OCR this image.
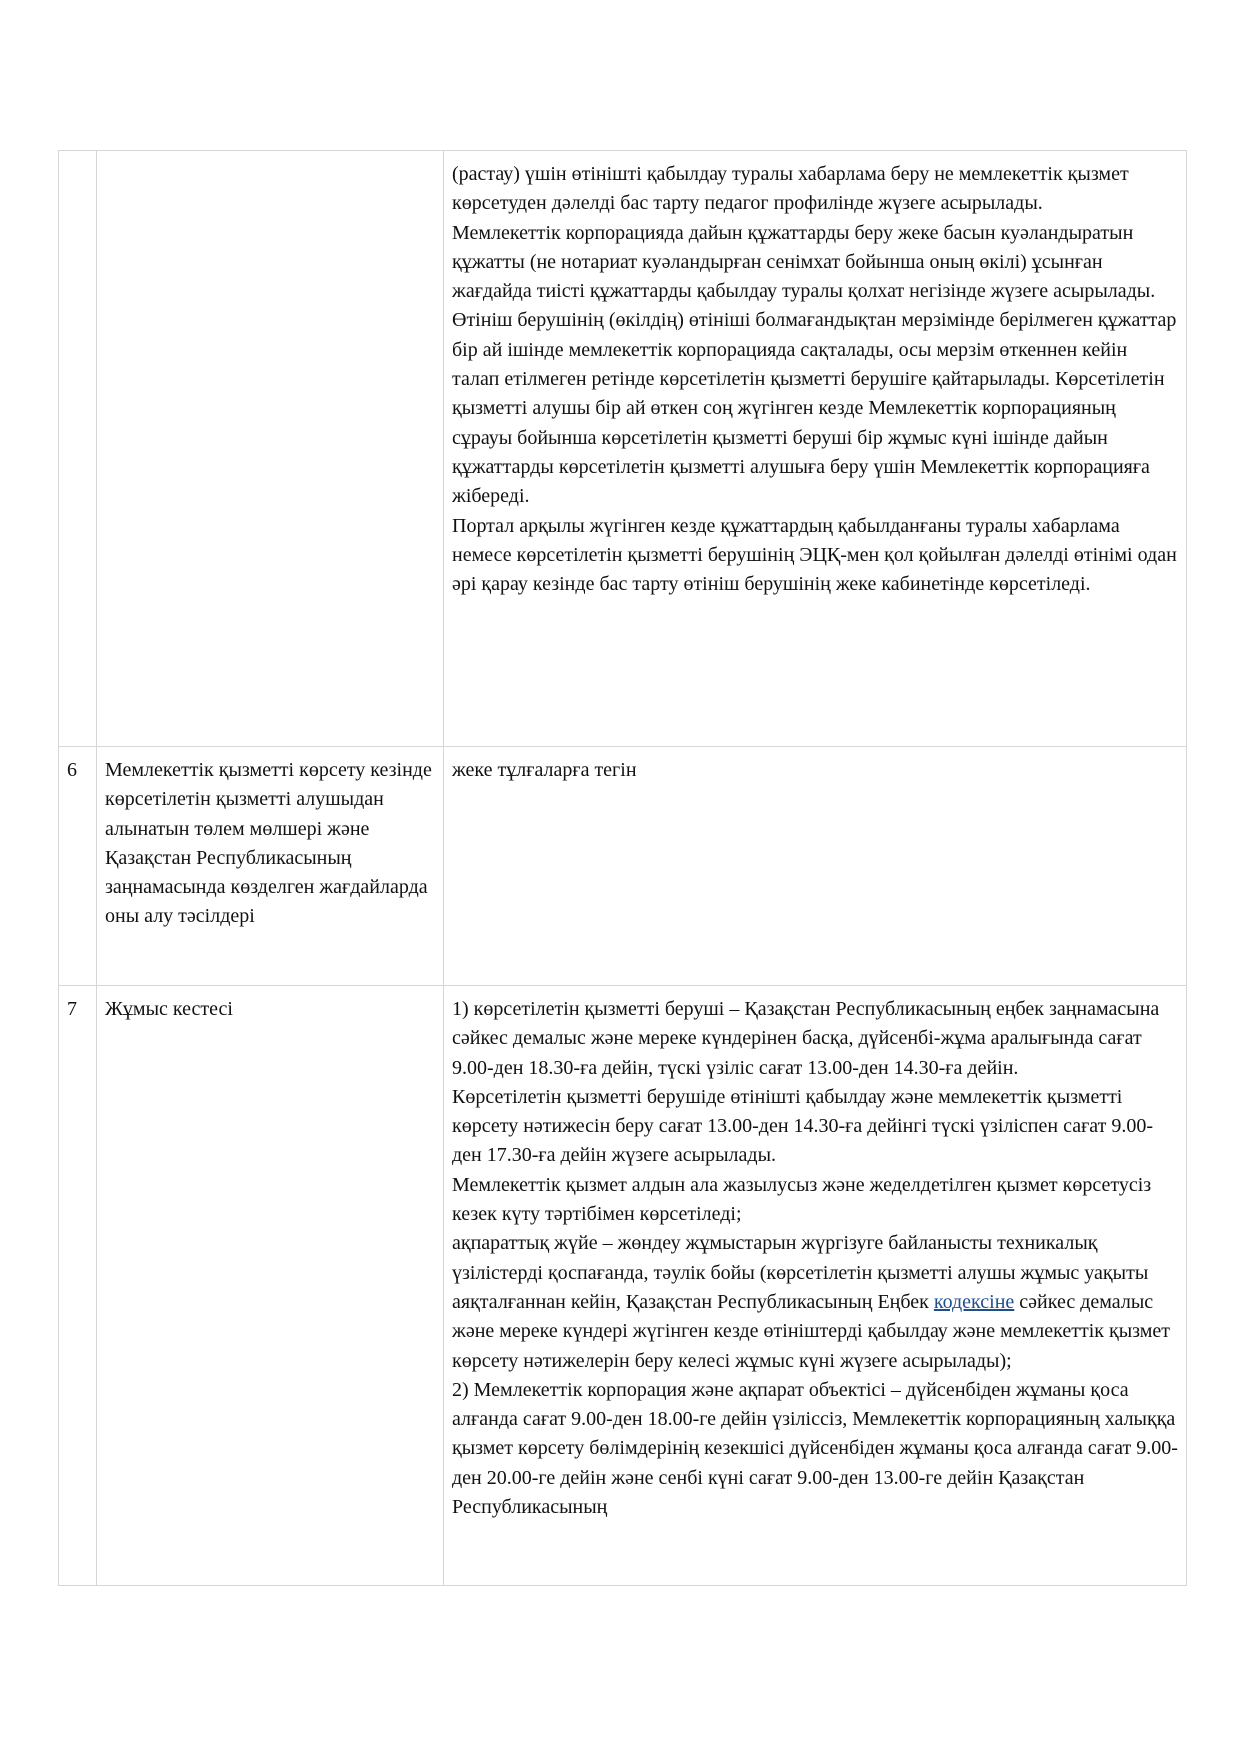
		(растау) үшін өтінішті қабылдау туралы хабарлама беру не мемлекеттік қызмет көрсетуден дәлелді бас тарту педагог профилінде жүзеге асырылады.

Мемлекеттік корпорацияда дайын құжаттарды беру жеке басын куәландыратын құжатты (не нотариат куәландырған сенімхат бойынша оның өкілі) ұсынған жағдайда тиісті құжаттарды қабылдау туралы қолхат негізінде жүзеге асырылады.

Өтініш берушінің (өкілдің) өтініші болмағандықтан мерзімінде берілмеген құжаттар бір ай ішінде мемлекеттік корпорацияда сақталады, осы мерзім өткеннен кейін талап етілмеген ретінде көрсетілетін қызметті берушіге қайтарылады. Көрсетілетін қызметті алушы бір ай өткен соң жүгінген кезде Мемлекеттік корпорацияның сұрауы бойынша көрсетілетін қызметті беруші бір жұмыс күні ішінде дайын құжаттарды көрсетілетін қызметті алушыға беру үшін Мемлекеттік корпорацияға жібереді.

Портал арқылы жүгінген кезде құжаттардың қабылданғаны туралы хабарлама немесе көрсетілетін қызметті берушінің ЭЦҚ-мен қол қойылған дәлелді өтінімі одан әрі қарау кезінде бас тарту өтініш берушінің жеке кабинетінде көрсетіледі.

6	Мемлекеттік қызметті көрсету кезінде көрсетілетін қызметті алушыдан алынатын төлем мөлшері және Қазақстан Республикасының заңнамасында көзделген жағдайларда оны алу тәсілдері	жеке тұлғаларға тегін

7	Жұмыс кестесі	1) көрсетілетін қызметті беруші – Қазақстан Республикасының еңбек заңнамасына сәйкес демалыс және мереке күндерінен басқа, дүйсенбі-жұма аралығында сағат 9.00-ден 18.30-ға дейін, түскі үзіліс сағат 13.00-ден 14.30-ға дейін.

Көрсетілетін қызметті берушіде өтінішті қабылдау және мемлекеттік қызметті көрсету нәтижесін беру сағат 13.00-ден 14.30-ға дейінгі түскі үзіліспен сағат 9.00-ден 17.30-ға дейін жүзеге асырылады.

Мемлекеттік қызмет алдын ала жазылусыз және жеделдетілген қызмет көрсетусіз кезек күту тәртібімен көрсетіледі;

ақпараттық жүйе – жөндеу жұмыстарын жүргізуге байланысты техникалық үзілістерді қоспағанда, тәулік бойы (көрсетілетін қызметті алушы жұмыс уақыты аяқталғаннан кейін, Қазақстан Республикасының Еңбек кодексіне сәйкес демалыс және мереке күндері жүгінген кезде өтініштерді қабылдау және мемлекеттік қызмет көрсету нәтижелерін беру келесі жұмыс күні жүзеге асырылады);

2) Мемлекеттік корпорация және ақпарат объектісі – дүйсенбіден жұманы қоса алғанда сағат 9.00-ден 18.00-ге дейін үзіліссіз, Мемлекеттік корпорацияның халыққа қызмет көрсету бөлімдерінің кезекшісі дүйсенбіден жұманы қоса алғанда сағат 9.00-ден 20.00-ге дейін және сенбі күні сағат 9.00-ден 13.00-ге дейін Қазақстан Республикасының
